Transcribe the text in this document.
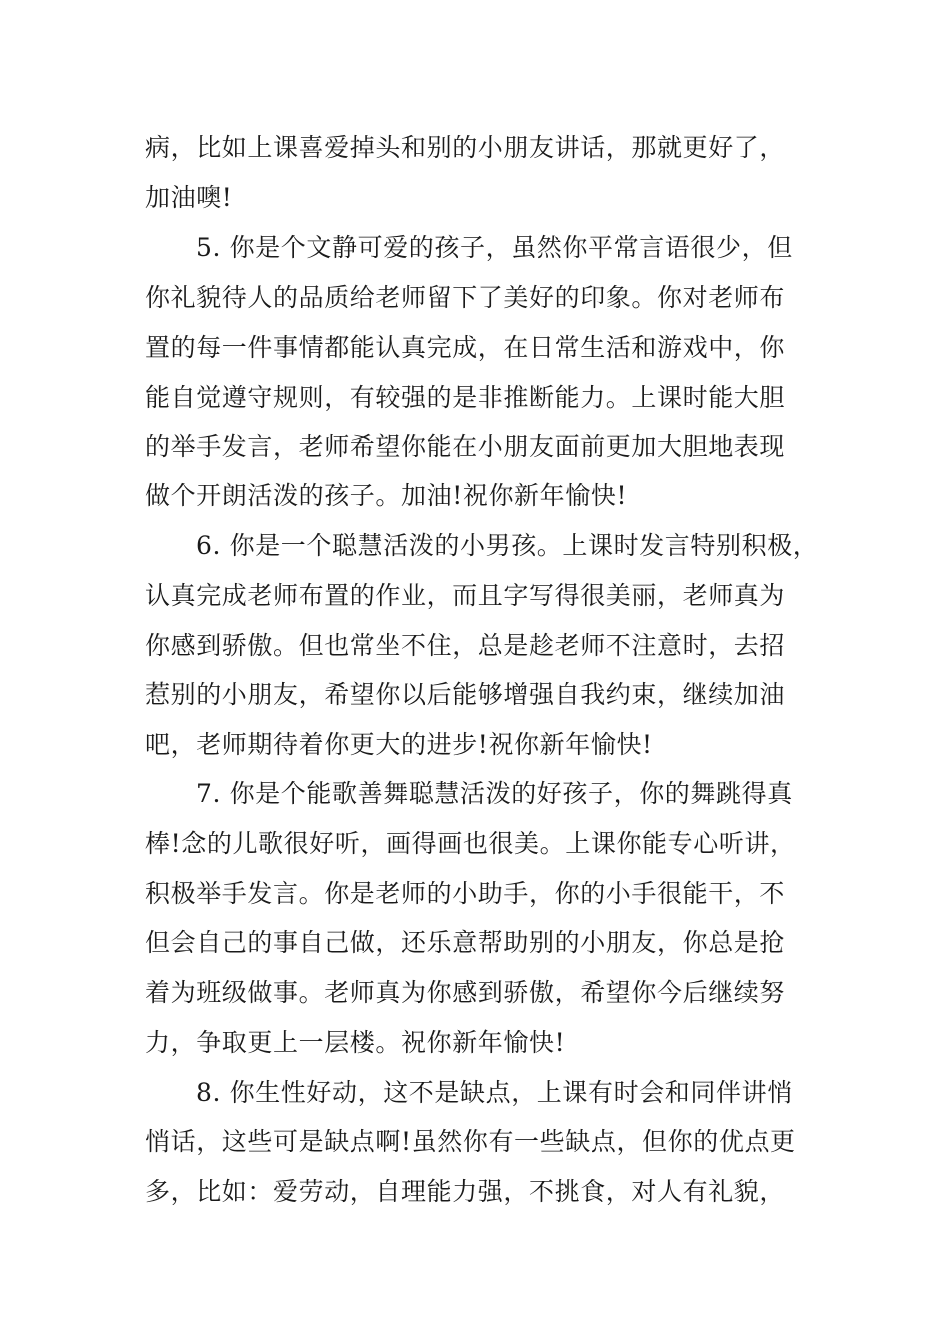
病，比如上课喜爱掉头和别的小朋友讲话，那就更好了，
加油噢!
5. 你是个文静可爱的孩子，虽然你平常言语很少，但
你礼貌待人的品质给老师留下了美好的印象。你对老师布
置的每一件事情都能认真完成，在日常生活和游戏中，你
能自觉遵守规则，有较强的是非推断能力。上课时能大胆
的举手发言，老师希望你能在小朋友面前更加大胆地表现
做个开朗活泼的孩子。加油!祝你新年愉快!
6. 你是一个聪慧活泼的小男孩。上课时发言特别积极，
认真完成老师布置的作业，而且字写得很美丽，老师真为
你感到骄傲。但也常坐不住，总是趁老师不注意时，去招
惹别的小朋友，希望你以后能够增强自我约束，继续加油
吧，老师期待着你更大的进步!祝你新年愉快!
7. 你是个能歌善舞聪慧活泼的好孩子，你的舞跳得真
棒!念的儿歌很好听，画得画也很美。上课你能专心听讲，
积极举手发言。你是老师的小助手，你的小手很能干，不
但会自己的事自己做，还乐意帮助别的小朋友，你总是抢
着为班级做事。老师真为你感到骄傲，希望你今后继续努
力，争取更上一层楼。祝你新年愉快!
8. 你生性好动，这不是缺点，上课有时会和同伴讲悄
悄话，这些可是缺点啊!虽然你有一些缺点，但你的优点更
多，比如：爱劳动，自理能力强，不挑食，对人有礼貌，
